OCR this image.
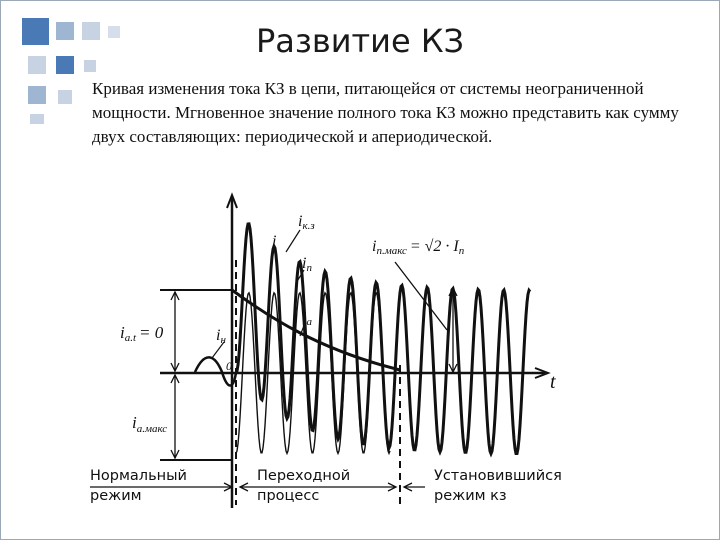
Развитие КЗ
Кривая изменения тока КЗ в цепи, питающейся от системы неограниченной мощности. Мгновенное значение полного тока КЗ можно представить как сумму двух составляющих: периодической и апериодической.
iк.з
i
iп
iа
iн
0
iа.t = 0
$i_{а.макс}$
t
iп.макс = √2 · Iп
Нормальный режим
Переходной процесс
Установившийся режим кз
